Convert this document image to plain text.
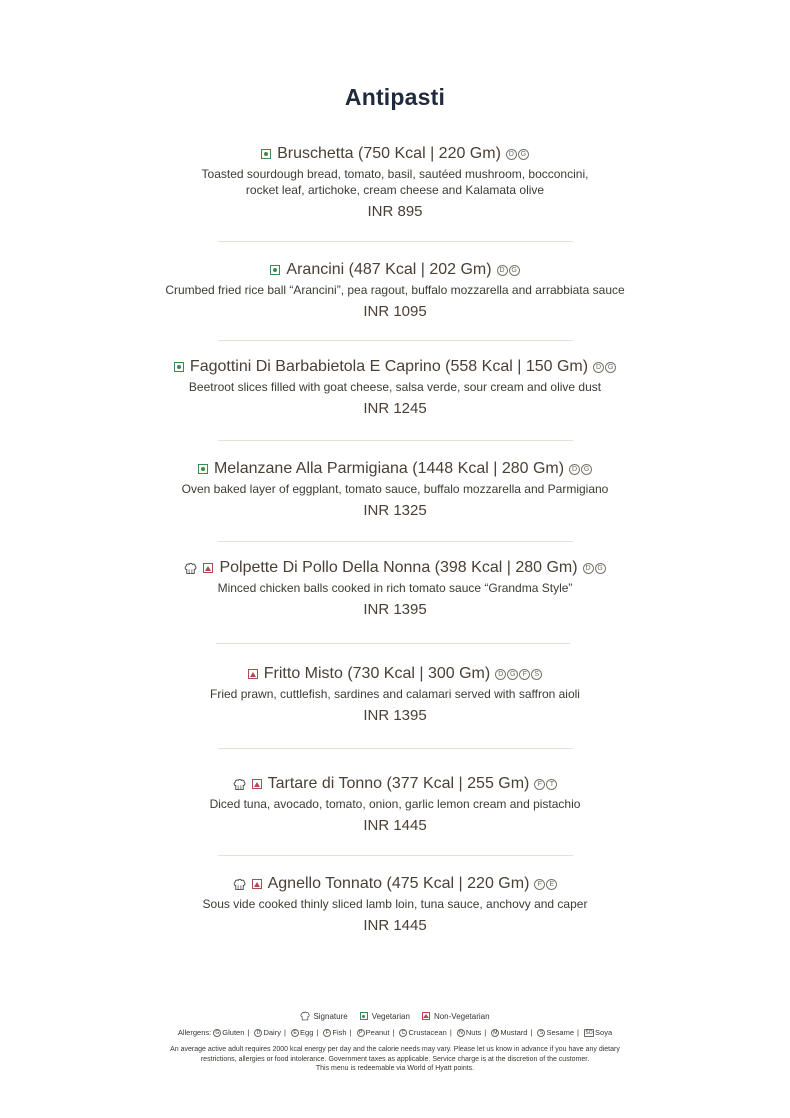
Antipasti
Bruschetta (750 Kcal | 220 Gm)	D G
Toasted sourdough bread, tomato, basil, sautéed mushroom, bocconcini,
rocket leaf, artichoke, cream cheese and Kalamata olive
INR 895
Arancini (487 Kcal | 202 Gm)	D G
Crumbed fried rice ball “Arancini”, pea ragout, buffalo mozzarella and arrabbiata sauce
INR 1095
Fagottini Di Barbabietola E Caprino (558 Kcal | 150 Gm)	D G
Beetroot slices filled with goat cheese, salsa verde, sour cream and olive dust
INR 1245
Melanzane Alla Parmigiana (1448 Kcal | 280 Gm)	D G
Oven baked layer of eggplant, tomato sauce, buffalo mozzarella and Parmigiano
INR 1325
Polpette Di Pollo Della Nonna (398 Kcal | 280 Gm)	D G
Minced chicken balls cooked in rich tomato sauce “Grandma Style”
INR 1395
Fritto Misto (730 Kcal | 300 Gm)	D G	F	S
Fried prawn, cuttlefish, sardines and calamari served with saffron aioli
INR 1395
Tartare di Tonno (377 Kcal | 255 Gm)	F	T
Diced tuna, avocado, tomato, onion, garlic lemon cream and pistachio
INR 1445
Agnello Tonnato (475 Kcal | 220 Gm)	F	E
Sous vide cooked thinly sliced lamb loin, tuna sauce, anchovy and caper
INR 1445
Signature	Vegetarian	Non-Vegetarian
Allergens: G Gluten | D Dairy | E Egg | F Fish | P Peanut | C Crustacean | N Nuts | M Mustard | S Sesame | SO Soya
An average active adult requires 2000 kcal energy per day and the calorie needs may vary. Please let us know in advance if you have any dietary
restrictions, allergies or food intolerance. Government taxes as applicable. Service charge is at the discretion of the customer.
This menu is redeemable via World of Hyatt points.
